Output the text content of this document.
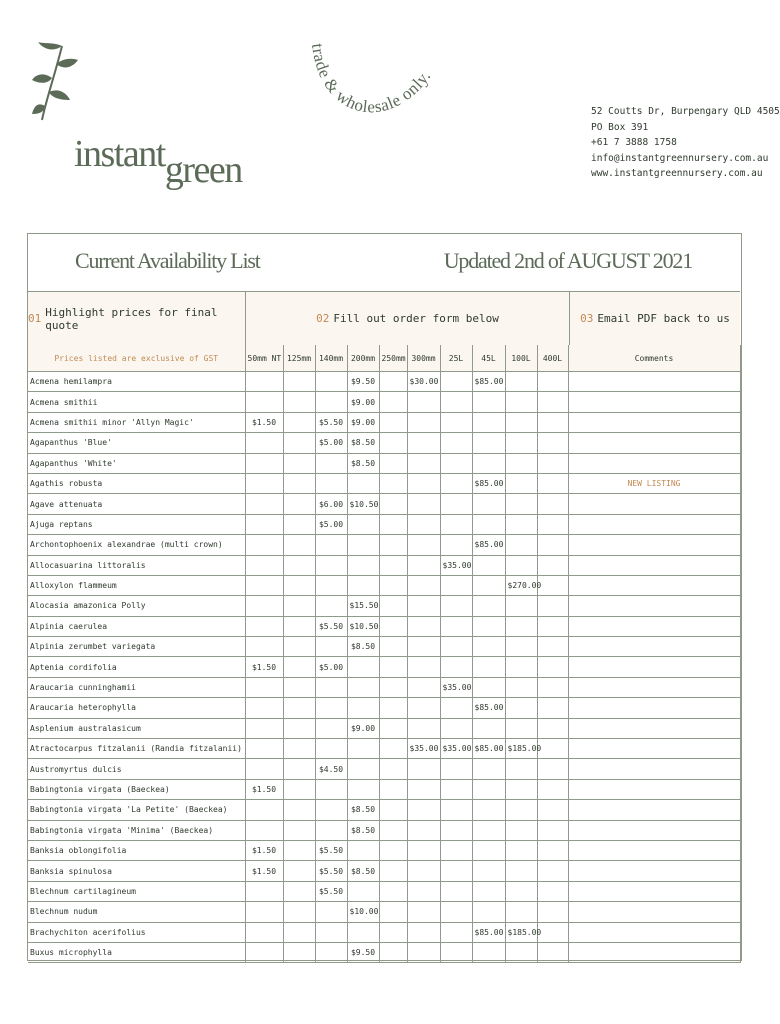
instantgreen
trade & wholesale only.
52 Coutts Dr, Burpengary QLD 4505
PO Box 391
+61 7 3888 1758
info@instantgreennursery.com.au
www.instantgreennursery.com.au
Current Availability List	Updated 2nd of AUGUST 2021
01 Highlight prices for final quote	02 Fill out order form below	03 Email PDF back to us
Prices listed are exclusive of GST	50mm NT	125mm	140mm	200mm	250mm	300mm	25L	45L	100L	400L	Comments
Acmena hemilampra				$9.50		$30.00		$85.00			
Acmena smithii				$9.00							
Acmena smithii minor 'Allyn Magic'	$1.50		$5.50	$9.00							
Agapanthus 'Blue'			$5.00	$8.50							
Agapanthus 'White'				$8.50							
Agathis robusta								$85.00			NEW LISTING
Agave attenuata			$6.00	$10.50							
Ajuga reptans			$5.00								
Archontophoenix alexandrae (multi crown)								$85.00			
Allocasuarina littoralis							$35.00				
Alloxylon flammeum									$270.00		
Alocasia amazonica Polly				$15.50							
Alpinia caerulea			$5.50	$10.50							
Alpinia zerumbet variegata				$8.50							
Aptenia cordifolia	$1.50		$5.00								
Araucaria cunninghamii							$35.00				
Araucaria heterophylla								$85.00			
Asplenium australasicum				$9.00							
Atractocarpus fitzalanii (Randia fitzalanii)						$35.00	$35.00	$85.00	$185.00		
Austromyrtus dulcis			$4.50								
Babingtonia virgata (Baeckea)	$1.50										
Babingtonia virgata 'La Petite' (Baeckea)				$8.50							
Babingtonia virgata 'Minima' (Baeckea)				$8.50							
Banksia oblongifolia	$1.50		$5.50								
Banksia spinulosa	$1.50		$5.50	$8.50							
Blechnum cartilagineum			$5.50								
Blechnum nudum				$10.00							
Brachychiton acerifolius								$85.00	$185.00		
Buxus microphylla				$9.50							
